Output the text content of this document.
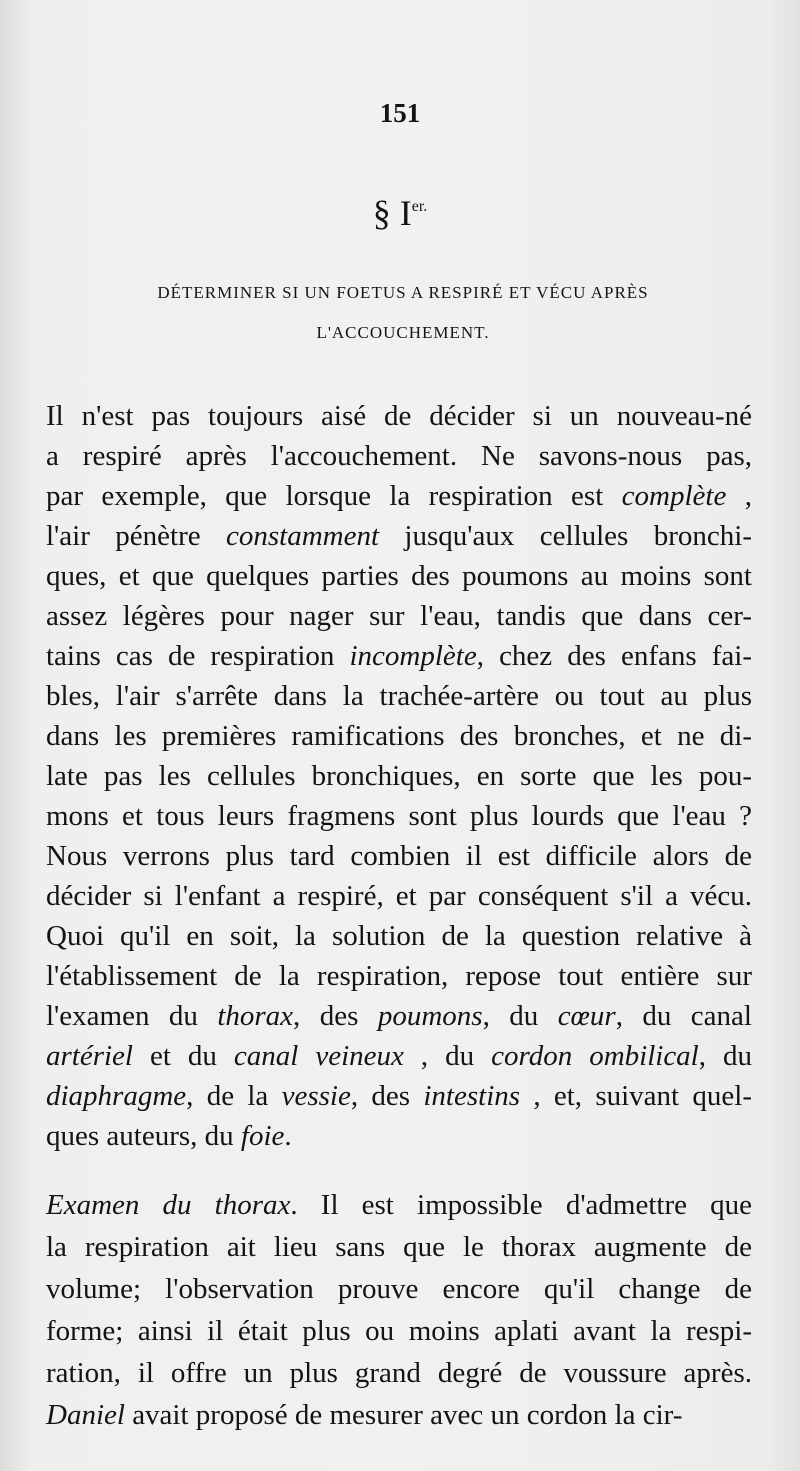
151
§ $I^{er.}$
DÉTERMINER SI UN FOETUS A RESPIRÉ ET VÉCU APRÈS
L'ACCOUCHEMENT.
Il n'est pas toujours aisé de décider si un nouveau-né
a respiré après l'accouchement. Ne savons-nous pas,
par exemple, que lorsque la respiration est complète ,
l'air pénètre constamment jusqu'aux cellules bronchi-
ques, et que quelques parties des poumons au moins sont
assez légères pour nager sur l'eau, tandis que dans cer-
tains cas de respiration incomplète, chez des enfans fai-
bles, l'air s'arrête dans la trachée-artère ou tout au plus
dans les premières ramifications des bronches, et ne di-
late pas les cellules bronchiques, en sorte que les pou-
mons et tous leurs fragmens sont plus lourds que l'eau ?
Nous verrons plus tard combien il est difficile alors de
décider si l'enfant a respiré, et par conséquent s'il a vécu.
Quoi qu'il en soit, la solution de la question relative à
l'établissement de la respiration, repose tout entière sur
l'examen du thorax, des poumons, du cœur, du canal
artériel et du canal veineux , du cordon ombilical, du
diaphragme, de la vessie, des intestins , et, suivant quel-
ques auteurs, du foie.
Examen du thorax. Il est impossible d'admettre que
la respiration ait lieu sans que le thorax augmente de
volume; l'observation prouve encore qu'il change de
forme; ainsi il était plus ou moins aplati avant la respi-
ration, il offre un plus grand degré de voussure après.
Daniel avait proposé de mesurer avec un cordon la cir-
